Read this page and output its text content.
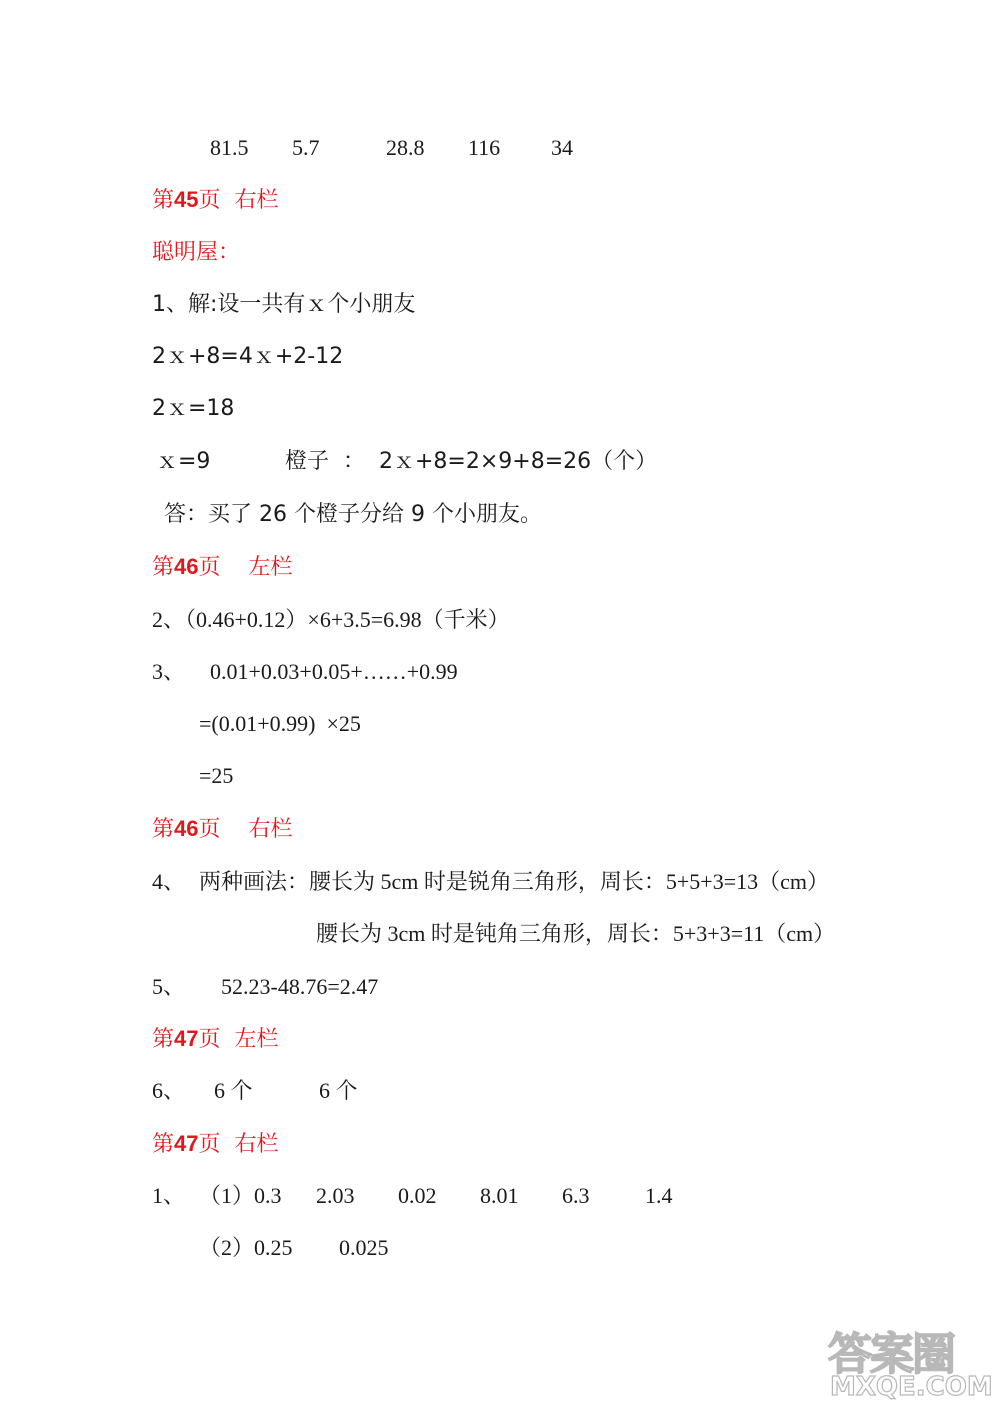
81.5 5.7	28.8 116 34
第45页  右栏
聪明屋：
1、解:设一共有ｘ个小朋友
2ｘ+8=4ｘ+2-12
2ｘ=18
ｘ=9	橙子  ：  2ｘ+8=2×9+8=26（个）
答：买了 26 个橙子分给 9 个小朋友。
第46页    左栏
2、（0.46+0.12）×6+3.5=6.98（千米）
3、 0.01+0.03+0.05+……+0.99
=(0.01+0.99)  ×25
=25
第46页    右栏
4、 两种画法：腰长为 5cm 时是锐角三角形，周长：5+5+3=13（cm）
腰长为 3cm 时是钝角三角形，周长：5+3+3=11（cm）
5、 52.23-48.76=2.47
第47页  左栏
6、 6 个	6 个
第47页  右栏
1、 （1）0.3 2.03 0.02 8.01 6.3	1.4
（2）0.25 0.025
答案圈
MXQE.COM
